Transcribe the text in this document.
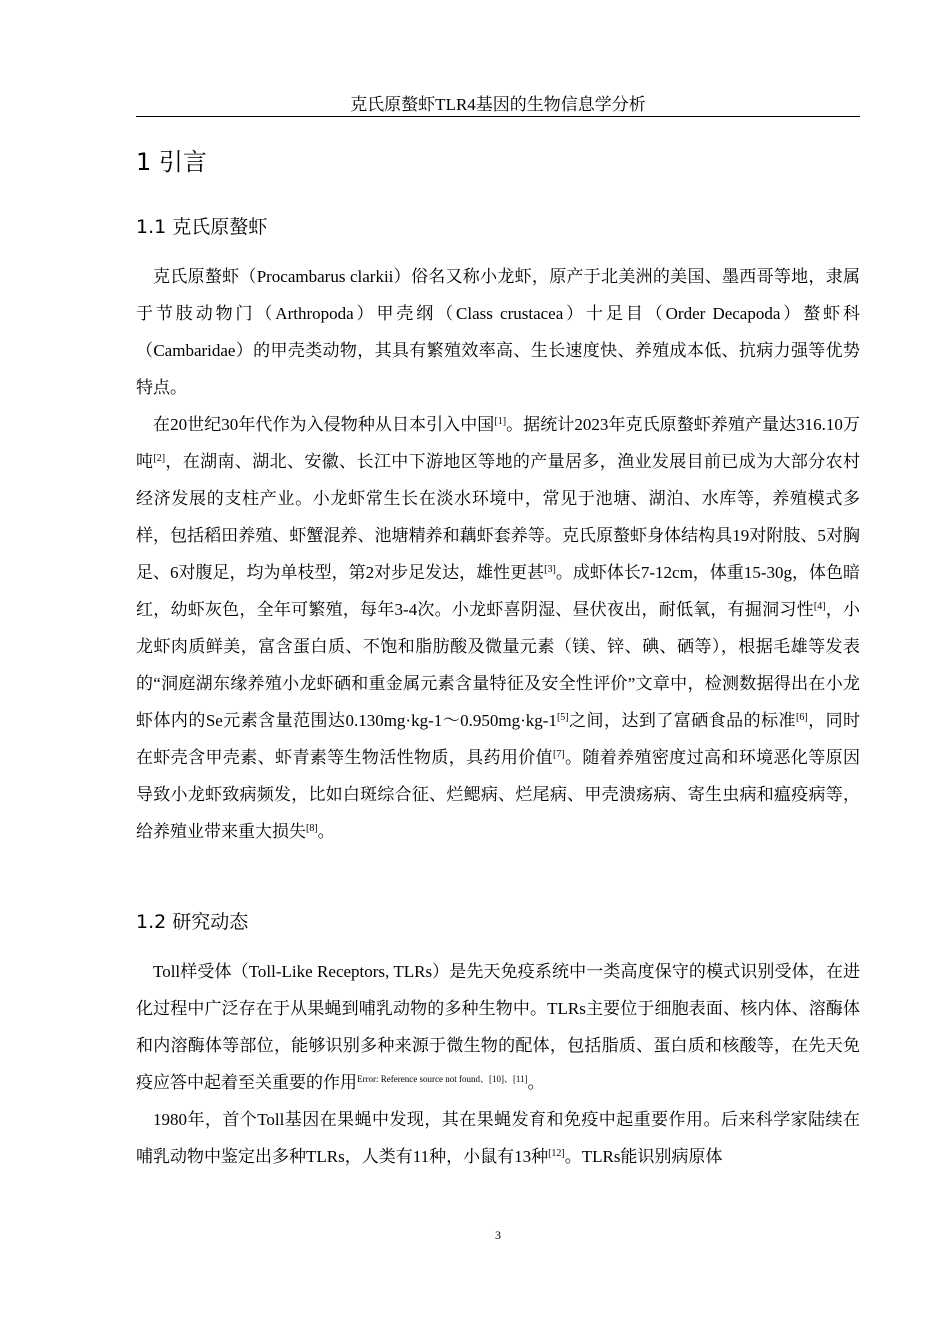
克氏原螯虾TLR4基因的生物信息学分析
1 引言
1.1 克氏原螯虾

克氏原螯虾（Procambarus clarkii）俗名又称小龙虾，原产于北美洲的美国、墨西哥等地，隶属于节肢动物门（Arthropoda）甲壳纲（Class crustacea）十足目（Order Decapoda）螯虾科（Cambaridae）的甲壳类动物，其具有繁殖效率高、生长速度快、养殖成本低、抗病力强等优势特点。

在20世纪30年代作为入侵物种从日本引入中国[1]。据统计2023年克氏原螯虾养殖产量达316.10万吨[2]，在湖南、湖北、安徽、长江中下游地区等地的产量居多，渔业发展目前已成为大部分农村经济发展的支柱产业。小龙虾常生长在淡水环境中，常见于池塘、湖泊、水库等，养殖模式多样，包括稻田养殖、虾蟹混养、池塘精养和藕虾套养等。克氏原螯虾身体结构具19对附肢、5对胸足、6对腹足，均为单枝型，第2对步足发达，雄性更甚[3]。成虾体长7-12cm，体重15-30g，体色暗红，幼虾灰色，全年可繁殖，每年3-4次。小龙虾喜阴湿、昼伏夜出，耐低氧，有掘洞习性[4]，小龙虾肉质鲜美，富含蛋白质、不饱和脂肪酸及微量元素（镁、锌、碘、硒等），根据毛雄等发表的“洞庭湖东缘养殖小龙虾硒和重金属元素含量特征及安全性评价”文章中，检测数据得出在小龙虾体内的Se元素含量范围达0.130mg·kg-1～0.950mg·kg-1[5]之间，达到了富硒食品的标准[6]，同时在虾壳含甲壳素、虾青素等生物活性物质，具药用价值[7]。随着养殖密度过高和环境恶化等原因导致小龙虾致病频发，比如白斑综合征、烂鳃病、烂尾病、甲壳溃疡病、寄生虫病和瘟疫病等，给养殖业带来重大损失[8]。

1.2 研究动态

Toll样受体（Toll-Like Receptors, TLRs）是先天免疫系统中一类高度保守的模式识别受体，在进化过程中广泛存在于从果蝇到哺乳动物的多种生物中。TLRs主要位于细胞表面、核内体、溶酶体和内溶酶体等部位，能够识别多种来源于微生物的配体，包括脂质、蛋白质和核酸等，在先天免疫应答中起着至关重要的作用$^{Error: Reference source not found、[10]、[11]}$。

1980年，首个Toll基因在果蝇中发现，其在果蝇发育和免疫中起重要作用。后来科学家陆续在哺乳动物中鉴定出多种TLRs，人类有11种，小鼠有13种[12]。TLRs能识别病原体

3
